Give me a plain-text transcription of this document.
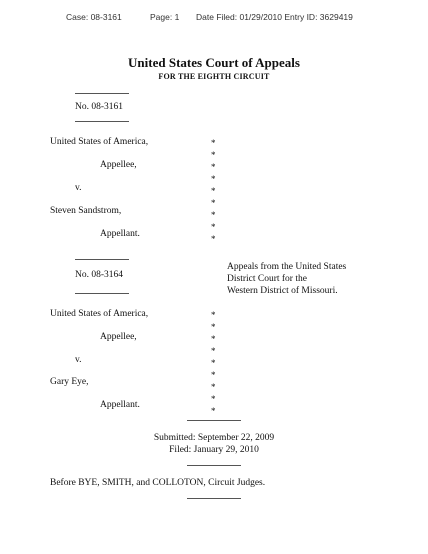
Case: 08-3161	Page: 1 Date Filed: 01/29/2010 Entry ID: 3629419
United States Court of Appeals
FOR THE EIGHTH CIRCUIT
No. 08-3161
United States of America,
Appellee,
v.
Steven Sandstrom,
Appellant.
*
*
*
*
*
*
*
*
*
No. 08-3164
Appeals from the United States
District Court for the
Western District of Missouri.
United States of America,
Appellee,
v.
Gary Eye,
Appellant.
*
*
*
*
*
*
*
*
*
Submitted: September 22, 2009
Filed: January 29, 2010
Before BYE, SMITH, and COLLOTON, Circuit Judges.
